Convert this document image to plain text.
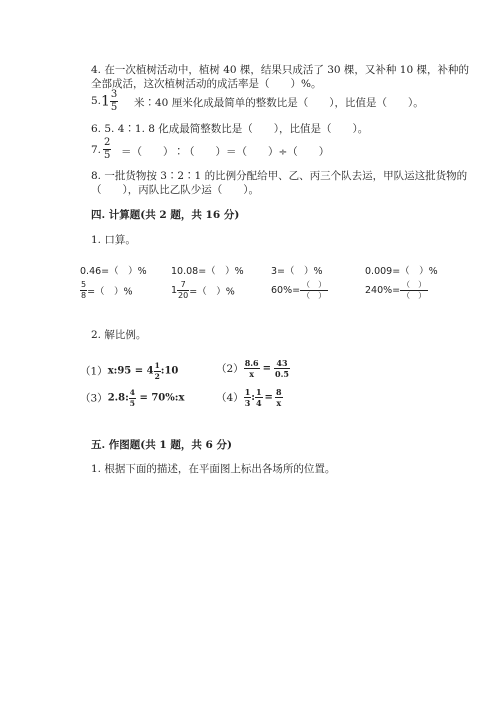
4. 在一次植树活动中，植树 40 棵，结果只成活了 30 棵，又补种 10 棵，补种的
全部成活，这次植树活动的成活率是（　　）%。
5. $1 \frac{3}{5}$ 米∶40 厘米化成最简单的整数比是（　　），比值是（　　）。
6. 5. 4∶1. 8 化成最简整数比是（　　），比值是（　　）。
7. $\frac{2}{5}$ ＝（　　）∶（　　）＝（　　）÷（　　）
8. 一批货物按 3∶2∶1 的比例分配给甲、乙、丙三个队去运，甲队运这批货物的
（　　），丙队比乙队少运（　　）。
四. 计算题(共 2 题，共 16 分)
1. 口算。
0.46=（　）%	10.08=（　）%	3=（　）%	0.009=（　）%
$\frac{5}{8}$ =（　）%	$1 \frac{7}{20}$ =（　）%	$60\%= \frac{( )}{( )}$	$240\%= \frac{( )}{( )}$
2. 解比例。
（1）x:95 = $4 \frac{1}{2}$ :10	$(2) \frac{8.6}{x} = \frac{43}{0.5}$
（3）2.8: $\frac{4}{5}$ = 70%:x	$(4) \frac{1}{3}$ : $\frac{1}{4} = \frac{8}{x}$
五. 作图题(共 1 题，共 6 分)
1. 根据下面的描述，在平面图上标出各场所的位置。
